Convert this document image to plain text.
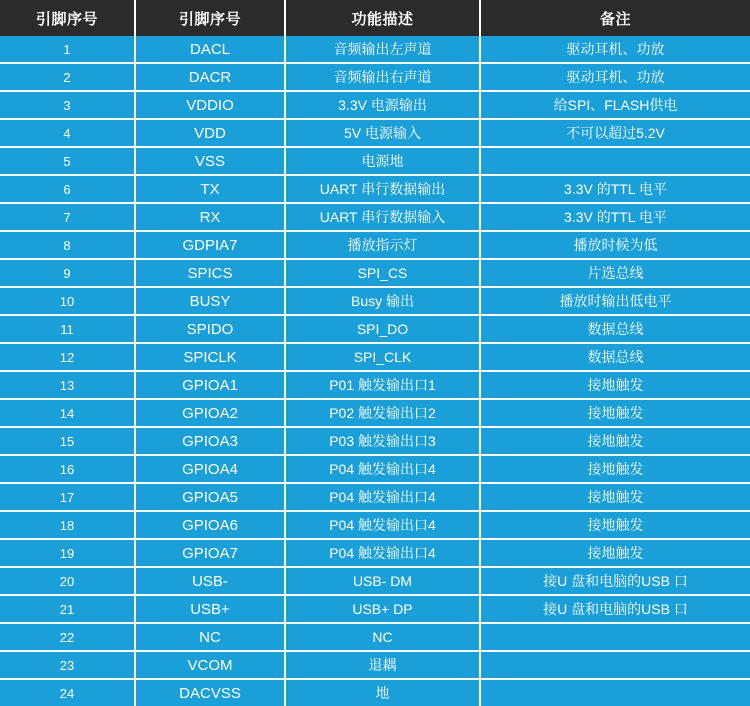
引脚序号	引脚序号	功能描述	备注
1	DACL	音频输出左声道	驱动耳机、功放
2	DACR	音频输出右声道	驱动耳机、功放
3	VDDIO	3.3V 电源输出	给SPI、FLASH供电
4	VDD	5V 电源输入	不可以超过5.2V
5	VSS	电源地	
6	TX	UART 串行数据输出	3.3V 的TTL 电平
7	RX	UART 串行数据输入	3.3V 的TTL 电平
8	GDPIA7	播放指示灯	播放时候为低
9	SPICS	SPI_CS	片选总线
10	BUSY	Busy 输出	播放时输出低电平
11	SPIDO	SPI_DO	数据总线
12	SPICLK	SPI_CLK	数据总线
13	GPIOA1	P01 触发输出口1	接地触发
14	GPIOA2	P02 触发输出口2	接地触发
15	GPIOA3	P03 触发输出口3	接地触发
16	GPIOA4	P04 触发输出口4	接地触发
17	GPIOA5	P04 触发输出口4	接地触发
18	GPIOA6	P04 触发输出口4	接地触发
19	GPIOA7	P04 触发输出口4	接地触发
20	USB-	USB- DM	接U 盘和电脑的USB 口
21	USB+	USB+ DP	接U 盘和电脑的USB 口
22	NC	NC	
23	VCOM	退耦	
24	DACVSS	地	
